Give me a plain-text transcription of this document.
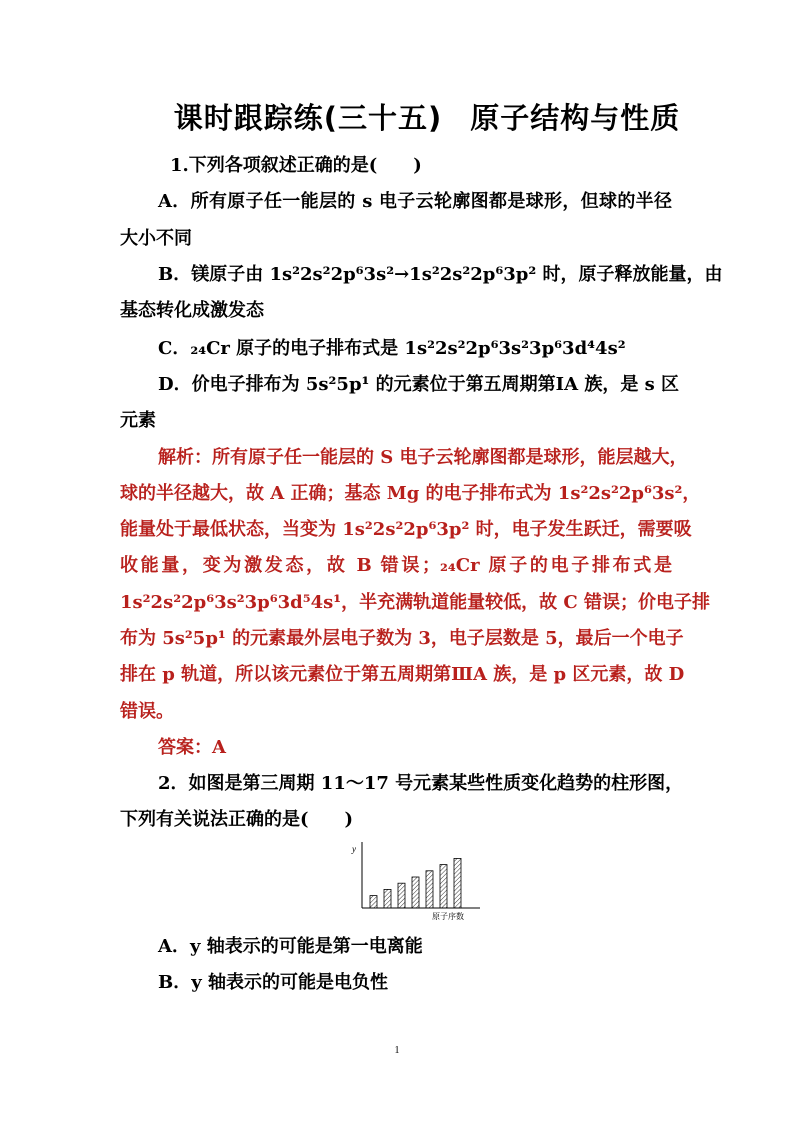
课时跟踪练(三十五) 原子结构与性质
1.下列各项叙述正确的是(　　)
A．所有原子任一能层的 s 电子云轮廓图都是球形，但球的半径
大小不同
B．镁原子由 1s²2s²2p⁶3s²→1s²2s²2p⁶3p² 时，原子释放能量，由
基态转化成激发态
C．₂₄Cr 原子的电子排布式是 1s²2s²2p⁶3s²3p⁶3d⁴4s²
D．价电子排布为 5s²5p¹ 的元素位于第五周期第ⅠA 族，是 s 区
元素
解析：所有原子任一能层的 S 电子云轮廓图都是球形，能层越大，
球的半径越大，故 A 正确；基态 Mg 的电子排布式为 1s²2s²2p⁶3s²，
能量处于最低状态，当变为 1s²2s²2p⁶3p² 时，电子发生跃迁，需要吸
收能量，变为激发态，故 B 错误；₂₄Cr 原子的电子排布式是
1s²2s²2p⁶3s²3p⁶3d⁵4s¹，半充满轨道能量较低，故 C 错误；价电子排
布为 5s²5p¹ 的元素最外层电子数为 3，电子层数是 5，最后一个电子
排在 p 轨道，所以该元素位于第五周期第ⅢA 族，是 p 区元素，故 D
错误。
答案：A
2．如图是第三周期 11～17 号元素某些性质变化趋势的柱形图，
下列有关说法正确的是(　　)
y
原子序数
A．y 轴表示的可能是第一电离能
B．y 轴表示的可能是电负性
1
